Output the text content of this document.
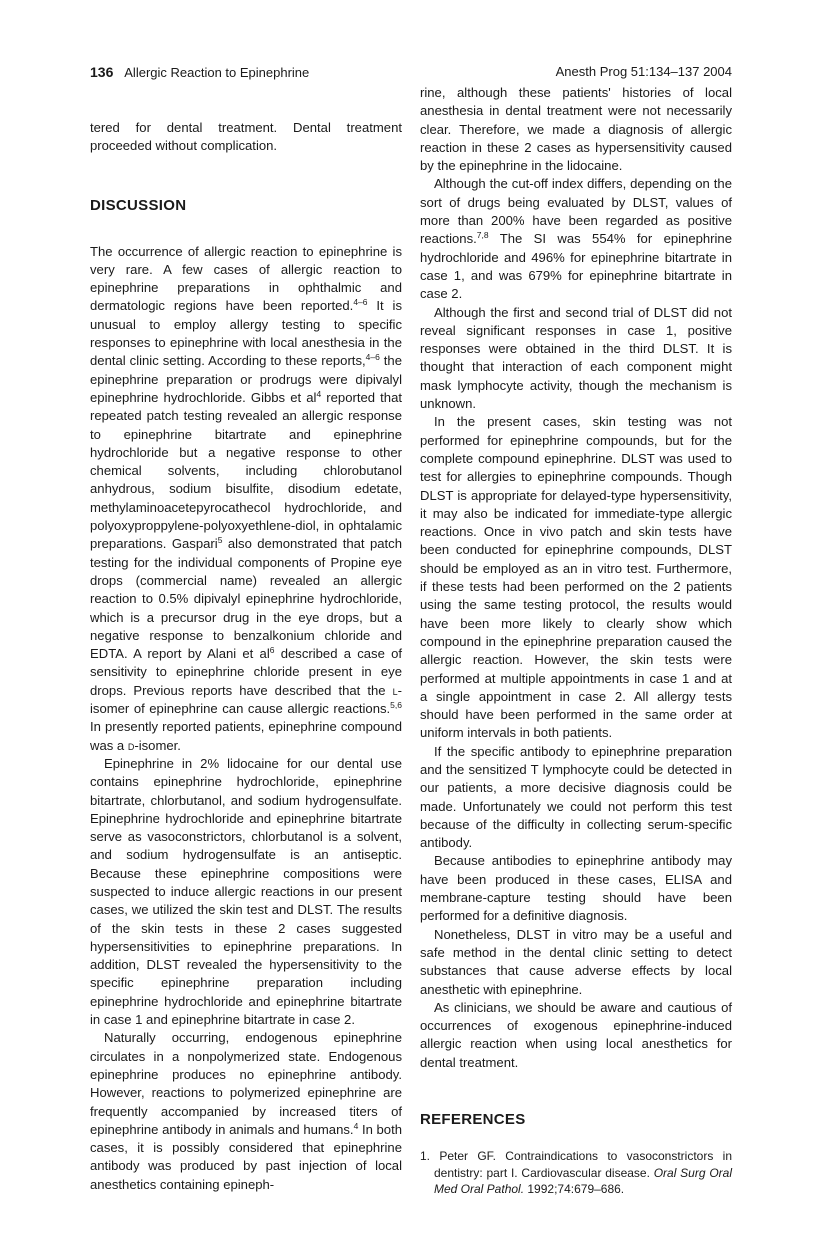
136 Allergic Reaction to Epinephrine	Anesth Prog 51:134–137 2004

tered for dental treatment. Dental treatment proceeded without complication.

DISCUSSION

The occurrence of allergic reaction to epinephrine is very rare. A few cases of allergic reaction to epinephrine preparations in ophthalmic and dermatologic regions have been reported.$^{4-6}$ It is unusual to employ allergy testing to specific responses to epinephrine with local anesthesia in the dental clinic setting. According to these reports,$^{4-6}$ the epinephrine preparation or prodrugs were dipivalyl epinephrine hydrochloride. Gibbs et $al^4$ reported that repeated patch testing revealed an allergic response to epinephrine bitartrate and epinephrine hydrochloride but a negative response to other chemical solvents, including chlorobutanol anhydrous, sodium bisulfite, disodium edetate, methylaminoacetepyrocathecol hydrochloride, and polyoxyproppylene-polyoxyethlene-diol, in ophtalamic preparations. Gaspari$^5$ also demonstrated that patch testing for the individual components of Propine eye drops (commercial name) revealed an allergic reaction to 0.5% dipivalyl epinephrine hydrochloride, which is a precursor drug in the eye drops, but a negative response to benzalkonium chloride and EDTA. A report by Alani et $al^6$ described a case of sensitivity to epinephrine chloride present in eye drops. Previous reports have described that the l-isomer of epinephrine can cause allergic reactions.$^{5,6}$ In presently reported patients, epinephrine compound was a d-isomer.

Epinephrine in 2% lidocaine for our dental use contains epinephrine hydrochloride, epinephrine bitartrate, chlorbutanol, and sodium hydrogensulfate. Epinephrine hydrochloride and epinephrine bitartrate serve as vasoconstrictors, chlorbutanol is a solvent, and sodium hydrogensulfate is an antiseptic. Because these epinephrine compositions were suspected to induce allergic reactions in our present cases, we utilized the skin test and DLST. The results of the skin tests in these 2 cases suggested hypersensitivities to epinephrine preparations. In addition, DLST revealed the hypersensitivity to the specific epinephrine preparation including epinephrine hydrochloride and epinephrine bitartrate in case 1 and epinephrine bitartrate in case 2.

Naturally occurring, endogenous epinephrine circulates in a nonpolymerized state. Endogenous epinephrine produces no epinephrine antibody. However, reactions to polymerized epinephrine are frequently accompanied by increased titers of epinephrine antibody in animals and humans.$^4$ In both cases, it is possibly considered that epinephrine antibody was produced by past injection of local anesthetics containing epineph-

rine, although these patients' histories of local anesthesia in dental treatment were not necessarily clear. Therefore, we made a diagnosis of allergic reaction in these 2 cases as hypersensitivity caused by the epinephrine in the lidocaine.

Although the cut-off index differs, depending on the sort of drugs being evaluated by DLST, values of more than 200% have been regarded as positive reactions.$^{7,8}$ The SI was 554% for epinephrine hydrochloride and 496% for epinephrine bitartrate in case 1, and was 679% for epinephrine bitartrate in case 2.

Although the first and second trial of DLST did not reveal significant responses in case 1, positive responses were obtained in the third DLST. It is thought that interaction of each component might mask lymphocyte activity, though the mechanism is unknown.

In the present cases, skin testing was not performed for epinephrine compounds, but for the complete compound epinephrine. DLST was used to test for allergies to epinephrine compounds. Though DLST is appropriate for delayed-type hypersensitivity, it may also be indicated for immediate-type allergic reactions. Once in vivo patch and skin tests have been conducted for epinephrine compounds, DLST should be employed as an in vitro test. Furthermore, if these tests had been performed on the 2 patients using the same testing protocol, the results would have been more likely to clearly show which compound in the epinephrine preparation caused the allergic reaction. However, the skin tests were performed at multiple appointments in case 1 and at a single appointment in case 2. All allergy tests should have been performed in the same order at uniform intervals in both patients.

If the specific antibody to epinephrine preparation and the sensitized T lymphocyte could be detected in our patients, a more decisive diagnosis could be made. Unfortunately we could not perform this test because of the difficulty in collecting serum-specific antibody.

Because antibodies to epinephrine antibody may have been produced in these cases, ELISA and membrane-capture testing should have been performed for a definitive diagnosis.

Nonetheless, DLST in vitro may be a useful and safe method in the dental clinic setting to detect substances that cause adverse effects by local anesthetic with epinephrine.

As clinicians, we should be aware and cautious of occurrences of exogenous epinephrine-induced allergic reaction when using local anesthetics for dental treatment.

REFERENCES

1. Peter GF. Contraindications to vasoconstrictors in dentistry: part I. Cardiovascular disease. Oral Surg Oral Med Oral Pathol. 1992;74:679–686.
